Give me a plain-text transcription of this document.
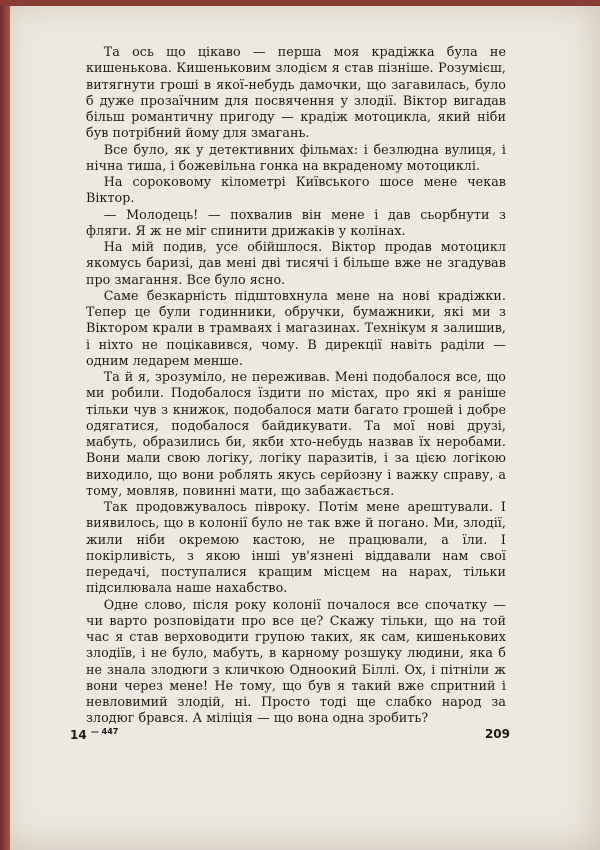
Та ось що цікаво — перша моя крадіжка була не кишеньковa. Кишеньковим злодієм я став пізніше. Розумієш, витягнути гроші в якої-небудь дамочки, що загавилась, було б дуже прозаїчним для посвячення у злодії. Віктор вигадав більш романтичну пригоду — крадіж мотоцикла, який ніби був потрібний йому для змагань.

Все було, як у детективних фільмах: і безлюдна вулиця, і нічна тиша, і божевільна гонка на вкраденому мотоциклі.

На сороковому кілометрі Київського шосе мене чекав Віктор.

— Молодець! — похвалив він мене і дав сьорбнути з фляги. Я ж не міг спинити дрижаків у колінах.

На мій подив, усе обійшлося. Віктор продав мотоцикл якомусь баризі, дав мені дві тисячі і більше вже не згадував про змагання. Все було ясно.

Саме безкарність підштовхнула мене на нові крадіжки. Тепер це були годинники, обручки, бумажники, які ми з Віктором крали в трамваях і магазинах. Технікум я залишив, і ніхто не поцікавився, чому. В дирекції навіть раділи — одним ледарем менше.

Та й я, зрозуміло, не переживав. Мені подобалося все, що ми робили. Подобалося їздити по містах, про які я раніше тільки чув з книжок, подобалося мати багато грошей і добре одягатися, подобалося байдикувати. Та мої нові друзі, мабуть, образились би, якби хто-небудь назвав їх неробами. Вони мали свою логіку, логіку паразитів, і за цією логікою виходило, що вони роблять якусь серйозну і важку справу, а тому, мовляв, повинні мати, що забажається.

Так продовжувалось півроку. Потім мене арештували. І виявилось, що в колонії було не так вже й погано. Ми, злодії, жили ніби окремою кастою, не працювали, а їли. І покірливість, з якою інші ув'язнені віддавали нам свої передачі, поступалися кращим місцем на нарах, тільки підсилювала наше нахабство.

Одне слово, після року колонії почалося все спочатку — чи варто розповідати про все це? Скажу тільки, що на той час я став верховодити групою таких, як сам, кишенькових злодіїв, і не було, мабуть, в карному розшуку людини, яка б не знала злодюги з кличкою Одноокий Біллі. Ох, і пітніли ж вони через мене! Не тому, що був я такий вже спритний і невловимий злодій, ні. Просто тоді ще слабко народ за злодюг брався. А міліція — що вона одна зробить?

14 $^{— 447}$	209
